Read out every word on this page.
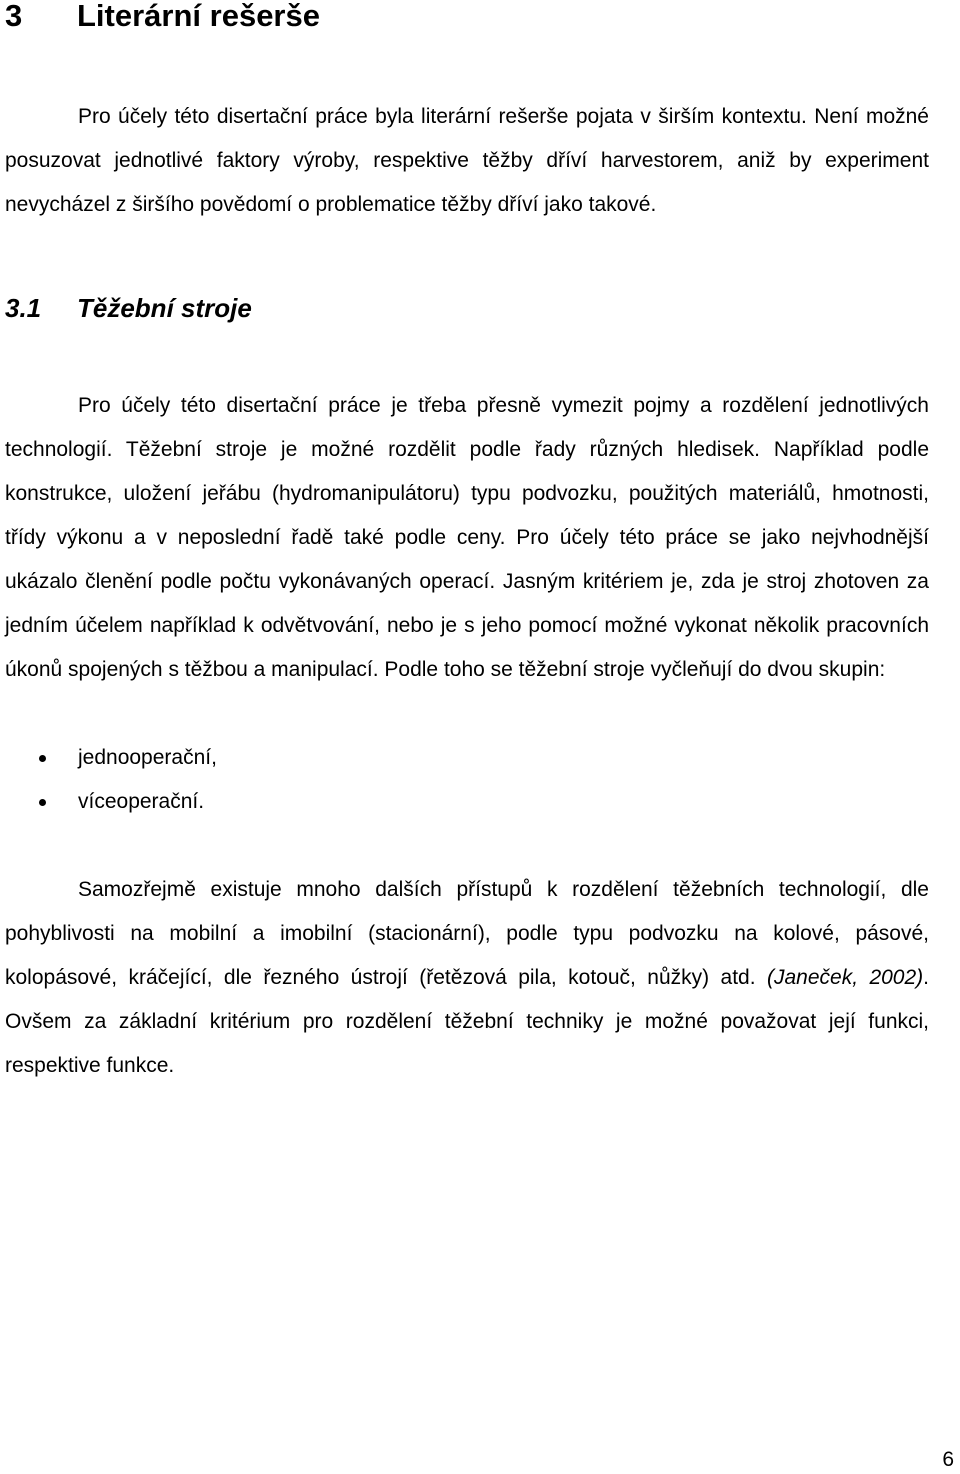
3 Literární rešerše

Pro účely této disertační práce byla literární rešerše pojata v širším kontextu. Není možné posuzovat jednotlivé faktory výroby, respektive těžby dříví harvestorem, aniž by experiment nevycházel z širšího povědomí o problematice těžby dříví jako takové.

3.1 Těžební stroje

Pro účely této disertační práce je třeba přesně vymezit pojmy a rozdělení jednotlivých technologií. Těžební stroje je možné rozdělit podle řady různých hledisek. Například podle konstrukce, uložení jeřábu (hydromanipulátoru) typu podvozku, použitých materiálů, hmotnosti, třídy výkonu a v neposlední řadě také podle ceny. Pro účely této práce se jako nejvhodnější ukázalo členění podle počtu vykonávaných operací. Jasným kritériem je, zda je stroj zhotoven za jedním účelem například k odvětvování, nebo je s jeho pomocí možné vykonat několik pracovních úkonů spojených s těžbou a manipulací. Podle toho se těžební stroje vyčleňují do dvou skupin:

jednooperační,
víceoperační.

Samozřejmě existuje mnoho dalších přístupů k rozdělení těžebních technologií, dle pohyblivosti na mobilní a imobilní (stacionární), podle typu podvozku na kolové, pásové, kolopásové, kráčející, dle řezného ústrojí (řetězová pila, kotouč, nůžky) atd. (Janeček, 2002). Ovšem za základní kritérium pro rozdělení těžební techniky je možné považovat její funkci, respektive funkce.

6
